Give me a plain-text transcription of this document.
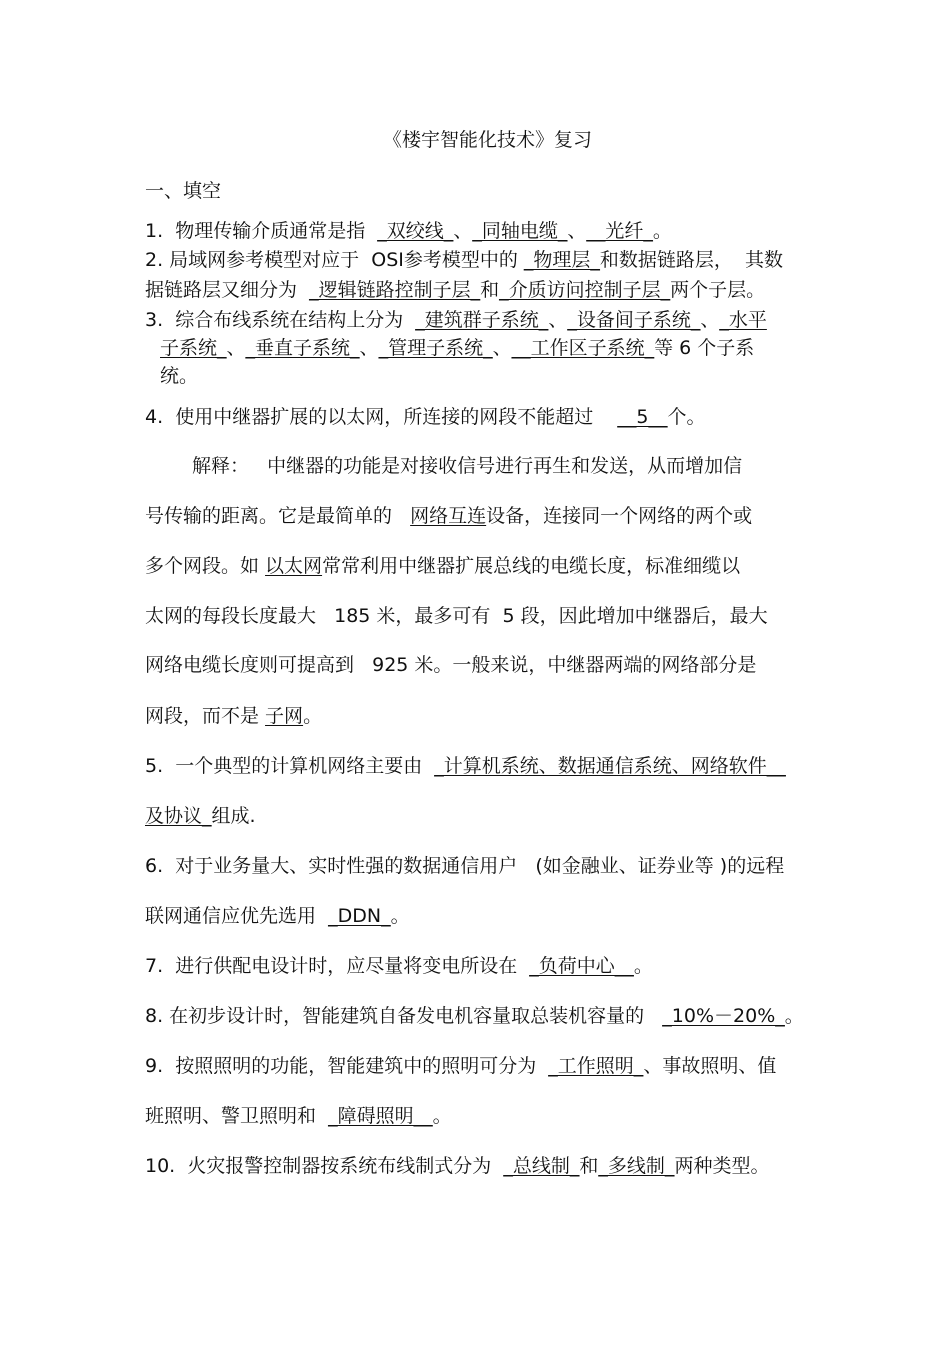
《楼宇智能化技术》复习
一、填空
1.  物理传输介质通常是指  _双绞线_、_同轴电缆_、__光纤_。
2. 局域网参考模型对应于  OSI参考模型中的 _物理层_和数据链路层，  其数
据链路层又细分为  _逻辑链路控制子层_和_介质访问控制子层_两个子层。
3.  综合布线系统在结构上分为  _建筑群子系统_、_设备间子系统_、_水平
子系统_、_垂直子系统_、_管理子系统_、__工作区子系统_等 6 个子系
统。
4.  使用中继器扩展的以太网，所连接的网段不能超过    __5__个。
解释：   中继器的功能是对接收信号进行再生和发送，从而增加信
号传输的距离。它是最简单的   网络互连设备，连接同一个网络的两个或
多个网段。如 以太网常常利用中继器扩展总线的电缆长度，标准细缆以
太网的每段长度最大   185 米，最多可有  5 段，因此增加中继器后，最大
网络电缆长度则可提高到   925 米。一般来说，中继器两端的网络部分是
网段，而不是 子网。
5.  一个典型的计算机网络主要由  _计算机系统、数据通信系统、网络软件__
及协议_组成.
6.  对于业务量大、实时性强的数据通信用户   (如金融业、证券业等 )的远程
联网通信应优先选用  _DDN_。
7.  进行供配电设计时，应尽量将变电所设在  _负荷中心__。
8. 在初步设计时，智能建筑自备发电机容量取总装机容量的   _10%－20%_。
9.  按照照明的功能，智能建筑中的照明可分为  _工作照明_、事故照明、值
班照明、警卫照明和  _障碍照明__。
10.  火灾报警控制器按系统布线制式分为  _总线制_和_多线制_两种类型。
